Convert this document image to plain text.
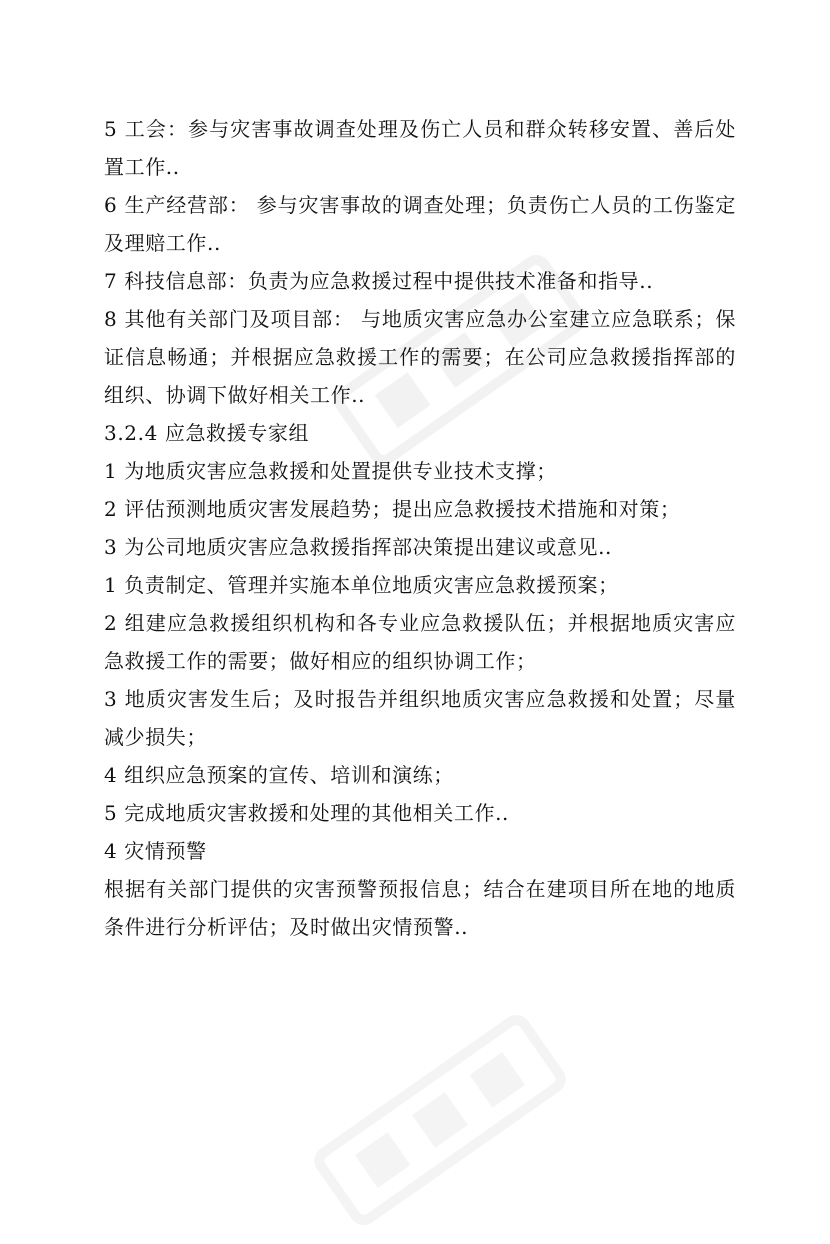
5 工会：参与灾害事故调查处理及伤亡人员和群众转移安置、善后处置工作..

6 生产经营部： 参与灾害事故的调查处理；负责伤亡人员的工伤鉴定及理赔工作..

7 科技信息部：负责为应急救援过程中提供技术准备和指导..

8 其他有关部门及项目部： 与地质灾害应急办公室建立应急联系；保证信息畅通；并根据应急救援工作的需要；在公司应急救援指挥部的组织、协调下做好相关工作..

3.2.4 应急救援专家组

1 为地质灾害应急救援和处置提供专业技术支撑；

2 评估预测地质灾害发展趋势；提出应急救援技术措施和对策；

3 为公司地质灾害应急救援指挥部决策提出建议或意见..

1 负责制定、管理并实施本单位地质灾害应急救援预案；

2 组建应急救援组织机构和各专业应急救援队伍；并根据地质灾害应急救援工作的需要；做好相应的组织协调工作；

3 地质灾害发生后；及时报告并组织地质灾害应急救援和处置；尽量减少损失；

4 组织应急预案的宣传、培训和演练；

5 完成地质灾害救援和处理的其他相关工作..

4 灾情预警

根据有关部门提供的灾害预警预报信息；结合在建项目所在地的地质条件进行分析评估；及时做出灾情预警..
